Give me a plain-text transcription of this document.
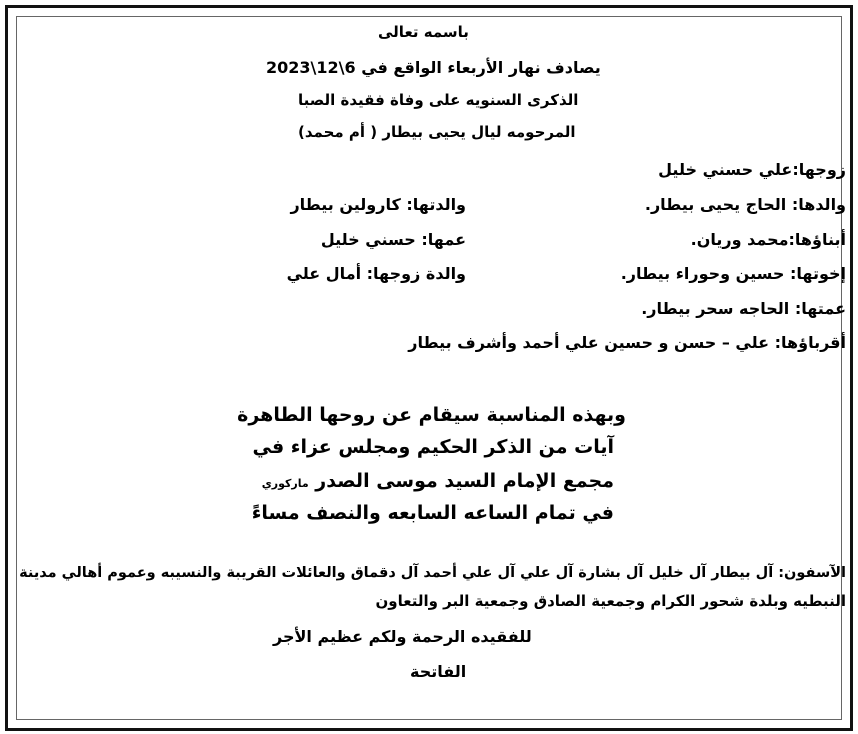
باسمه تعالى
يصادف نهار الأربعاء الواقع في 6\12\2023
الذكرى السنويه على وفاة فقيدة الصبا
المرحومه ليال يحيى بيطار ( أم محمد)
زوجها:علي حسني خليل
والدها: الحاج يحيى بيطار.
والدتها: كارولين بيطار
أبناؤها:محمد وريان.
عمها: حسني خليل
إخوتها: حسين وحوراء بيطار.
والدة زوجها: أمال علي
عمتها: الحاجه سحر بيطار.
أقرباؤها: علي – حسن و حسين علي أحمد وأشرف بيطار
وبهذه المناسبة سيقام عن روحها الطاهرة
آيات من الذكر الحكيم ومجلس عزاء في
مجمع الإمام السيد موسى الصدر ماركوري
في تمام الساعه السابعه والنصف مساءً
الآسفون: آل بيطار آل خليل آل بشارة آل علي آل علي أحمد آل دقماق والعائلات القريبة والنسيبه وعموم أهالي مدينة
النبطيه وبلدة شحور الكرام وجمعية الصادق وجمعية البر والتعاون
للفقيده الرحمة ولكم عظيم الأجر
الفاتحة
